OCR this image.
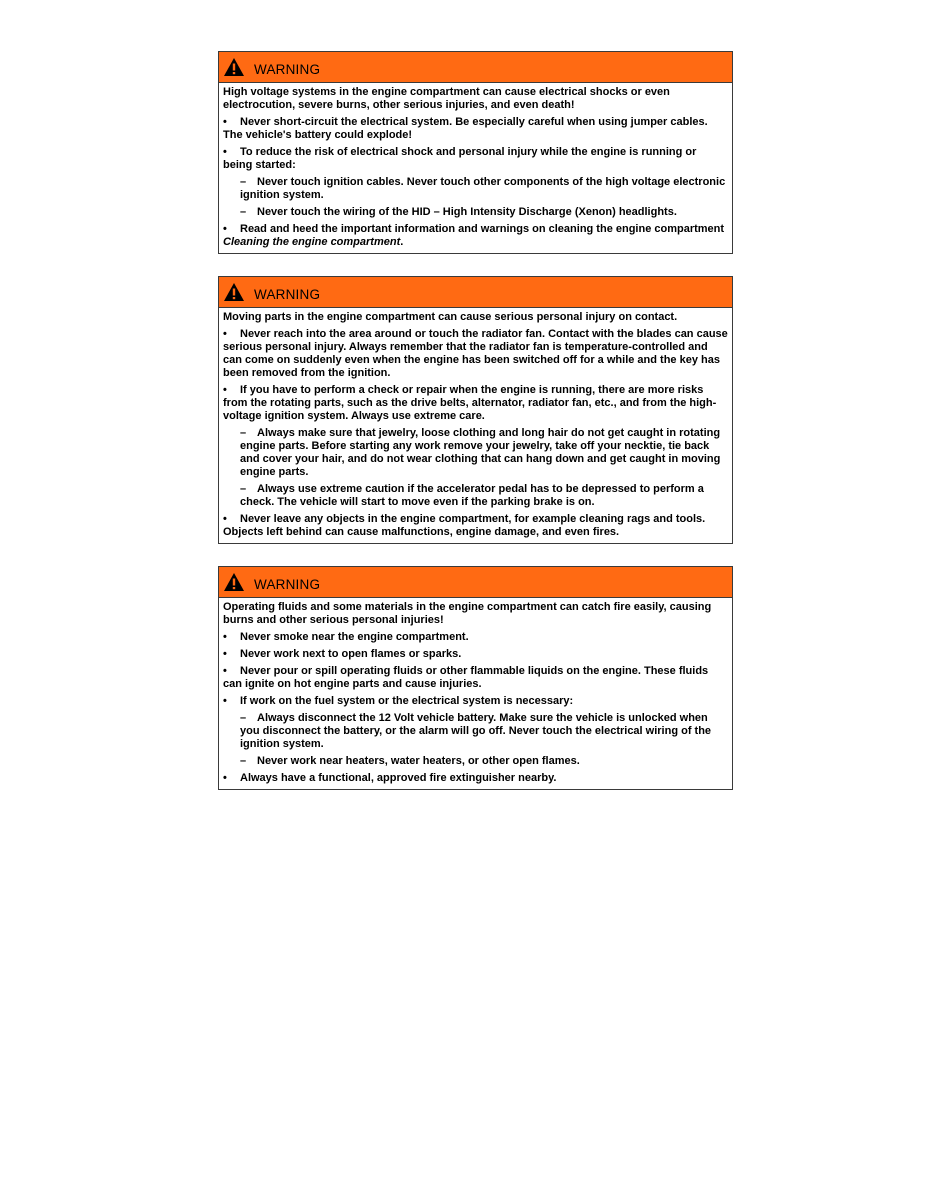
WARNING
High voltage systems in the engine compartment can cause electrical shocks or even electrocution, severe burns, other serious injuries, and even death!
• Never short-circuit the electrical system. Be especially careful when using jumper cables. The vehicle's battery could explode!
• To reduce the risk of electrical shock and personal injury while the engine is running or being started:
– Never touch ignition cables. Never touch other components of the high voltage electronic ignition system.
– Never touch the wiring of the HID – High Intensity Discharge (Xenon) headlights.
• Read and heed the important information and warnings on cleaning the engine compartment Cleaning the engine compartment.
WARNING
Moving parts in the engine compartment can cause serious personal injury on contact.
• Never reach into the area around or touch the radiator fan. Contact with the blades can cause serious personal injury. Always remember that the radiator fan is temperature-controlled and can come on suddenly even when the engine has been switched off for a while and the key has been removed from the ignition.
• If you have to perform a check or repair when the engine is running, there are more risks from the rotating parts, such as the drive belts, alternator, radiator fan, etc., and from the high-voltage ignition system. Always use extreme care.
– Always make sure that jewelry, loose clothing and long hair do not get caught in rotating engine parts. Before starting any work remove your jewelry, take off your necktie, tie back and cover your hair, and do not wear clothing that can hang down and get caught in moving engine parts.
– Always use extreme caution if the accelerator pedal has to be depressed to perform a check. The vehicle will start to move even if the parking brake is on.
• Never leave any objects in the engine compartment, for example cleaning rags and tools. Objects left behind can cause malfunctions, engine damage, and even fires.
WARNING
Operating fluids and some materials in the engine compartment can catch fire easily, causing burns and other serious personal injuries!
• Never smoke near the engine compartment.
• Never work next to open flames or sparks.
• Never pour or spill operating fluids or other flammable liquids on the engine. These fluids can ignite on hot engine parts and cause injuries.
• If work on the fuel system or the electrical system is necessary:
– Always disconnect the 12 Volt vehicle battery. Make sure the vehicle is unlocked when you disconnect the battery, or the alarm will go off. Never touch the electrical wiring of the ignition system.
– Never work near heaters, water heaters, or other open flames.
• Always have a functional, approved fire extinguisher nearby.
